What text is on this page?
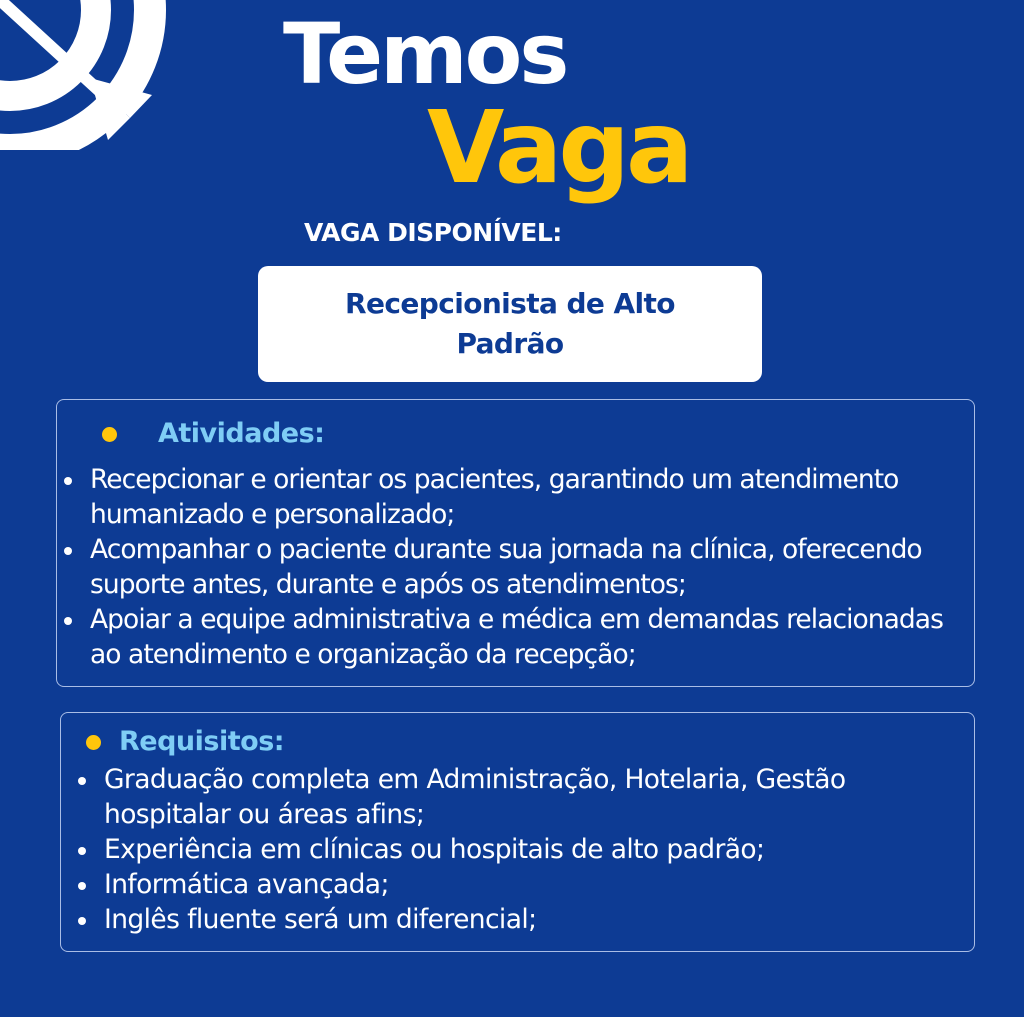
Temos
Vaga
VAGA DISPONÍVEL:
Recepcionista de Alto Padrão
Atividades:
Recepcionar e orientar os pacientes, garantindo um atendimento humanizado e personalizado;
Acompanhar o paciente durante sua jornada na clínica, oferecendo suporte antes, durante e após os atendimentos;
Apoiar a equipe administrativa e médica em demandas relacionadas ao atendimento e organização da recepção;
Requisitos:
Graduação completa em Administração, Hotelaria, Gestão hospitalar ou áreas afins;
Experiência em clínicas ou hospitais de alto padrão;
Informática avançada;
Inglês fluente será um diferencial;
